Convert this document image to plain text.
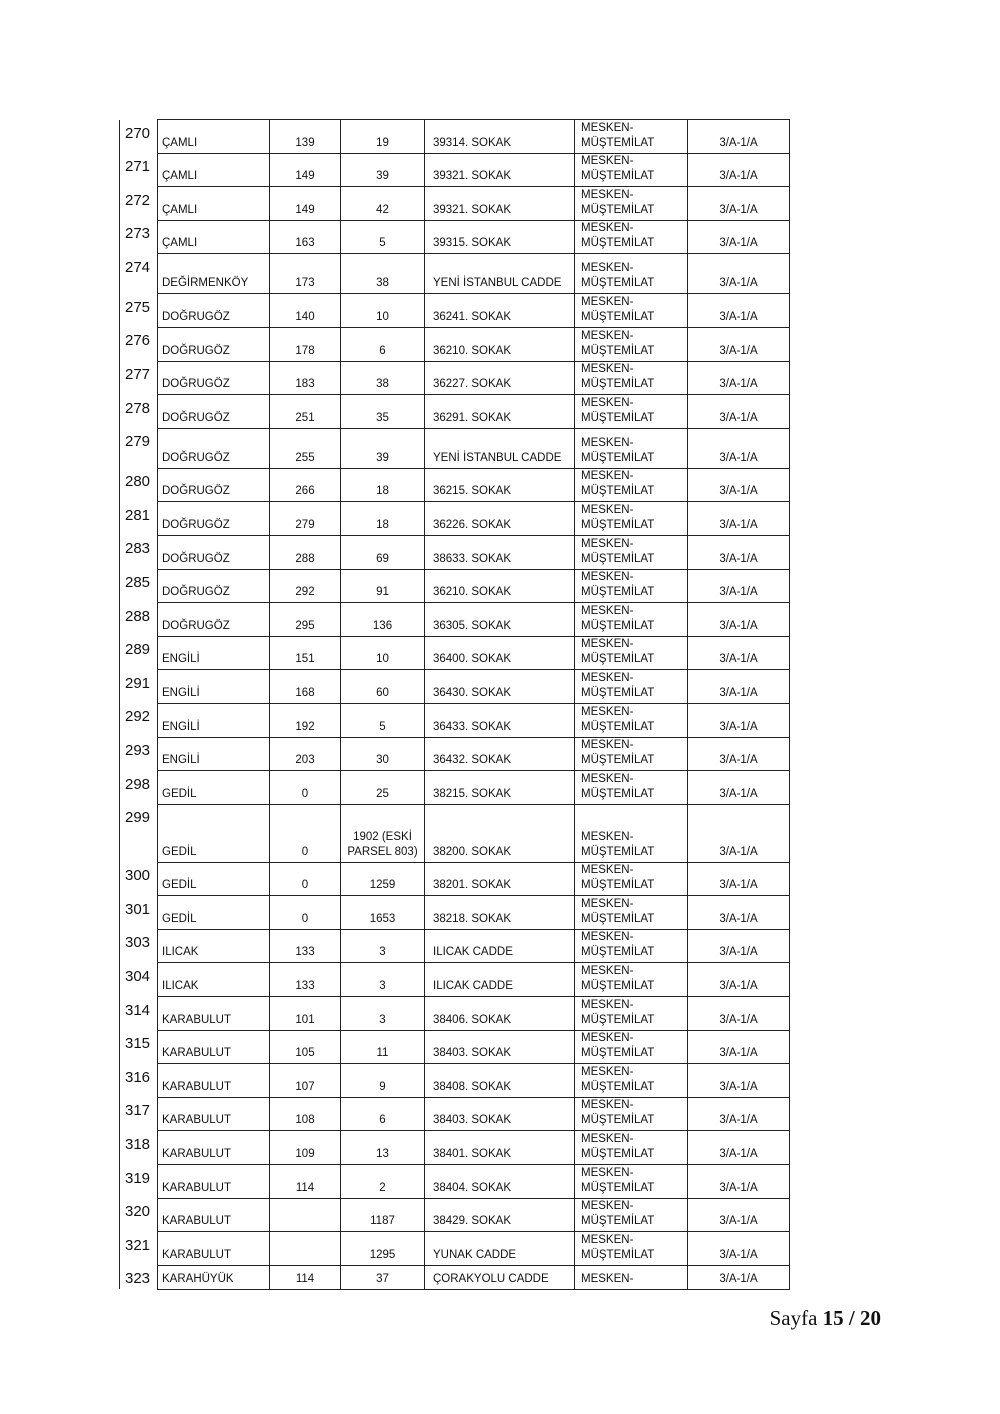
270	ÇAMLI	139	19	39314. SOKAK	MESKEN-
MÜŞTEMİLAT	3/A-1/A
271	ÇAMLI	149	39	39321. SOKAK	MESKEN-
MÜŞTEMİLAT	3/A-1/A
272	ÇAMLI	149	42	39321. SOKAK	MESKEN-
MÜŞTEMİLAT	3/A-1/A
273	ÇAMLI	163	5	39315. SOKAK	MESKEN-
MÜŞTEMİLAT	3/A-1/A
274	DEĞİRMENKÖY	173	38	YENİ İSTANBUL CADDE	MESKEN-
MÜŞTEMİLAT	3/A-1/A
275	DOĞRUGÖZ	140	10	36241. SOKAK	MESKEN-
MÜŞTEMİLAT	3/A-1/A
276	DOĞRUGÖZ	178	6	36210. SOKAK	MESKEN-
MÜŞTEMİLAT	3/A-1/A
277	DOĞRUGÖZ	183	38	36227. SOKAK	MESKEN-
MÜŞTEMİLAT	3/A-1/A
278	DOĞRUGÖZ	251	35	36291. SOKAK	MESKEN-
MÜŞTEMİLAT	3/A-1/A
279	DOĞRUGÖZ	255	39	YENİ İSTANBUL CADDE	MESKEN-
MÜŞTEMİLAT	3/A-1/A
280	DOĞRUGÖZ	266	18	36215. SOKAK	MESKEN-
MÜŞTEMİLAT	3/A-1/A
281	DOĞRUGÖZ	279	18	36226. SOKAK	MESKEN-
MÜŞTEMİLAT	3/A-1/A
283	DOĞRUGÖZ	288	69	38633. SOKAK	MESKEN-
MÜŞTEMİLAT	3/A-1/A
285	DOĞRUGÖZ	292	91	36210. SOKAK	MESKEN-
MÜŞTEMİLAT	3/A-1/A
288	DOĞRUGÖZ	295	136	36305. SOKAK	MESKEN-
MÜŞTEMİLAT	3/A-1/A
289	ENGİLİ	151	10	36400. SOKAK	MESKEN-
MÜŞTEMİLAT	3/A-1/A
291	ENGİLİ	168	60	36430. SOKAK	MESKEN-
MÜŞTEMİLAT	3/A-1/A
292	ENGİLİ	192	5	36433. SOKAK	MESKEN-
MÜŞTEMİLAT	3/A-1/A
293	ENGİLİ	203	30	36432. SOKAK	MESKEN-
MÜŞTEMİLAT	3/A-1/A
298	GEDİL	0	25	38215. SOKAK	MESKEN-
MÜŞTEMİLAT	3/A-1/A
299	GEDİL	0	1902 (ESKİ
PARSEL 803)	38200. SOKAK	MESKEN-
MÜŞTEMİLAT	3/A-1/A
300	GEDİL	0	1259	38201. SOKAK	MESKEN-
MÜŞTEMİLAT	3/A-1/A
301	GEDİL	0	1653	38218. SOKAK	MESKEN-
MÜŞTEMİLAT	3/A-1/A
303	ILICAK	133	3	ILICAK CADDE	MESKEN-
MÜŞTEMİLAT	3/A-1/A
304	ILICAK	133	3	ILICAK CADDE	MESKEN-
MÜŞTEMİLAT	3/A-1/A
314	KARABULUT	101	3	38406. SOKAK	MESKEN-
MÜŞTEMİLAT	3/A-1/A
315	KARABULUT	105	11	38403. SOKAK	MESKEN-
MÜŞTEMİLAT	3/A-1/A
316	KARABULUT	107	9	38408. SOKAK	MESKEN-
MÜŞTEMİLAT	3/A-1/A
317	KARABULUT	108	6	38403. SOKAK	MESKEN-
MÜŞTEMİLAT	3/A-1/A
318	KARABULUT	109	13	38401. SOKAK	MESKEN-
MÜŞTEMİLAT	3/A-1/A
319	KARABULUT	114	2	38404. SOKAK	MESKEN-
MÜŞTEMİLAT	3/A-1/A
320	KARABULUT		1187	38429. SOKAK	MESKEN-
MÜŞTEMİLAT	3/A-1/A
321	KARABULUT		1295	YUNAK CADDE	MESKEN-
MÜŞTEMİLAT	3/A-1/A
323	KARAHÜYÜK	114	37	ÇORAKYOLU CADDE	MESKEN-	3/A-1/A
Sayfa 15 / 20
